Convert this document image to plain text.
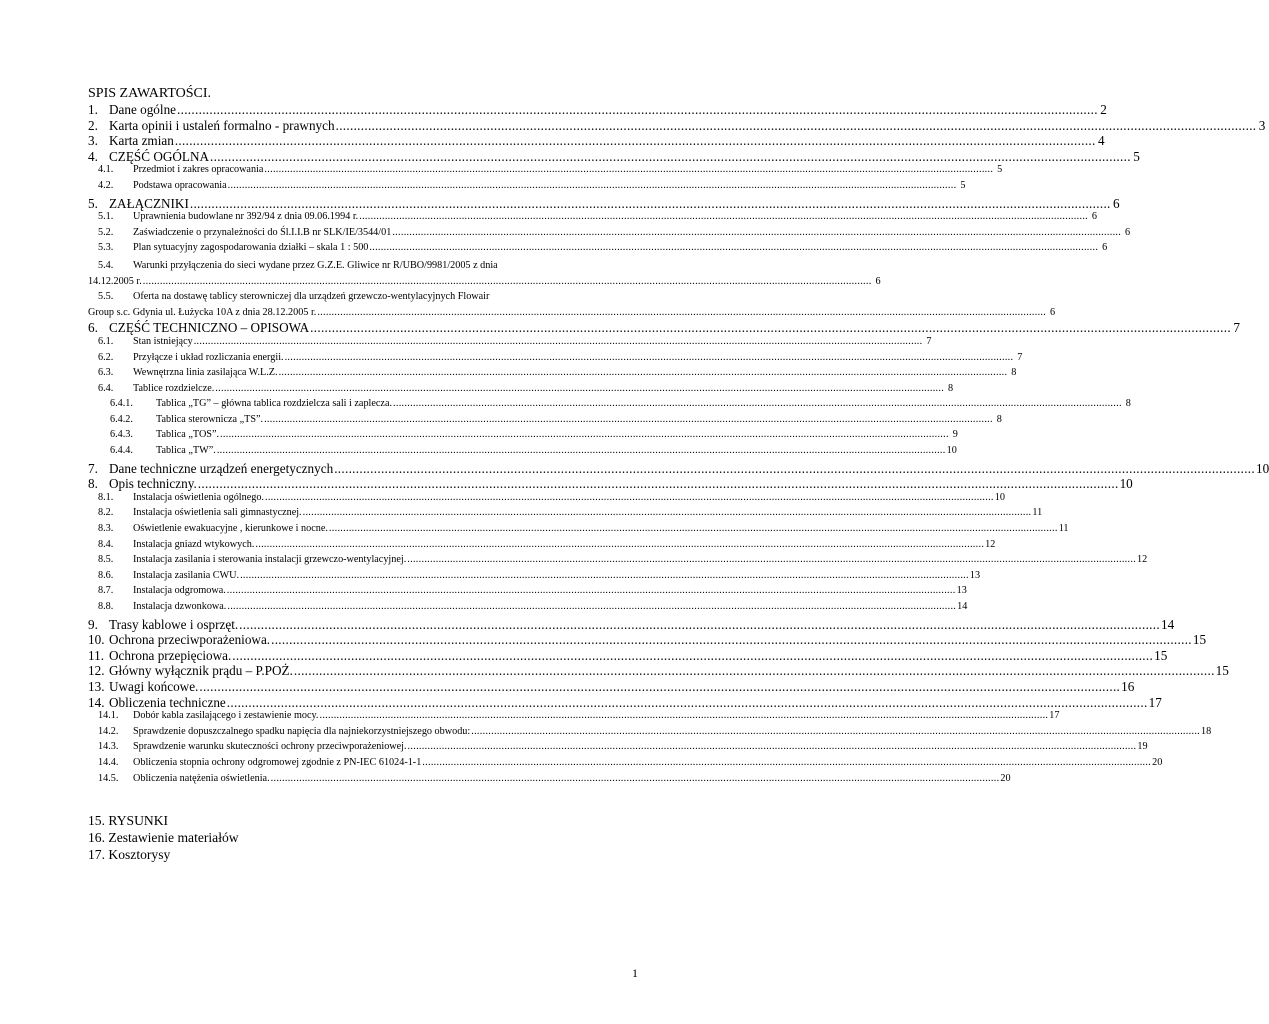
SPIS ZAWARTOŚCI.
1. Dane ogólne .....	2
2. Karta opinii i ustaleń formalno - prawnych .....	3
3. Karta zmian .....	4
4. CZĘŚĆ OGÓLNA .....	5
4.1.	Przedmiot i zakres opracowania .....	5
4.2.	Podstawa opracowania .....	5
5. ZAŁĄCZNIKI .....	6
5.1.	Uprawnienia budowlane nr 392/94 z dnia 09.06.1994 r. .....	6
5.2.	Zaświadczenie o przynależności do Śl.I.I.B nr SLK/IE/3544/01 .....	6
5.3.	Plan sytuacyjny zagospodarowania działki – skala 1 : 500 .....	6
5.4. Warunki przyłączenia do sieci wydane przez G.Z.E. Gliwice nr R/UBO/9981/2005 z dnia
14.12.2005 r. .....	6
5.5. Oferta na dostawę tablicy sterowniczej dla urządzeń grzewczo-wentylacyjnych Flowair
Group s.c. Gdynia ul. Łużycka 10A z dnia 28.12.2005 r. .....	6
6. CZĘŚĆ TECHNICZNO – OPISOWA .....	7
6.1.	Stan istniejący .....	7
6.2.	Przyłącze i układ rozliczania energii. .....	7
6.3.	Wewnętrzna linia zasilająca W.L.Z. .....	8
6.4.	Tablice rozdzielcze. .....	8
6.4.1.	Tablica „TG” – główna tablica rozdzielcza sali i zaplecza. .....	8
6.4.2.	Tablica sterownicza „TS”. .....	8
6.4.3.	Tablica „TOS”. .....	9
6.4.4.	Tablica „TW”. .....	10
7. Dane techniczne urządzeń energetycznych .....	10
8. Opis techniczny. .....	10
8.1.	Instalacja oświetlenia ogólnego. .....	10
8.2.	Instalacja oświetlenia sali gimnastycznej. .....	11
8.3.	Oświetlenie ewakuacyjne , kierunkowe i nocne. .....	11
8.4.	Instalacja gniazd wtykowych. .....	12
8.5.	Instalacja zasilania i sterowania instalacji grzewczo-wentylacyjnej. .....	12
8.6.	Instalacja zasilania CWU. .....	13
8.7.	Instalacja odgromowa. .....	13
8.8.	Instalacja dzwonkowa. .....	14
9. Trasy kablowe i osprzęt. .....	14
10. Ochrona przeciwporażeniowa. .....	15
11. Ochrona przepięciowa. .....	15
12. Główny wyłącznik prądu – P.POŻ. .....	15
13. Uwagi końcowe. .....	16
14. Obliczenia techniczne .....	17
14.1.	Dobór kabla zasilającego i zestawienie mocy. .....	17
14.2.	Sprawdzenie dopuszczalnego spadku napięcia dla najniekorzystniejszego obwodu: .....	18
14.3.	Sprawdzenie warunku skuteczności ochrony przeciwporażeniowej. .....	19
14.4.	Obliczenia stopnia ochrony odgromowej zgodnie z PN-IEC 61024-1-1 .....	20
14.5.	Obliczenia natężenia oświetlenia. .....	20
15. RYSUNKI
16. Zestawienie materiałów
17. Kosztorysy
1
